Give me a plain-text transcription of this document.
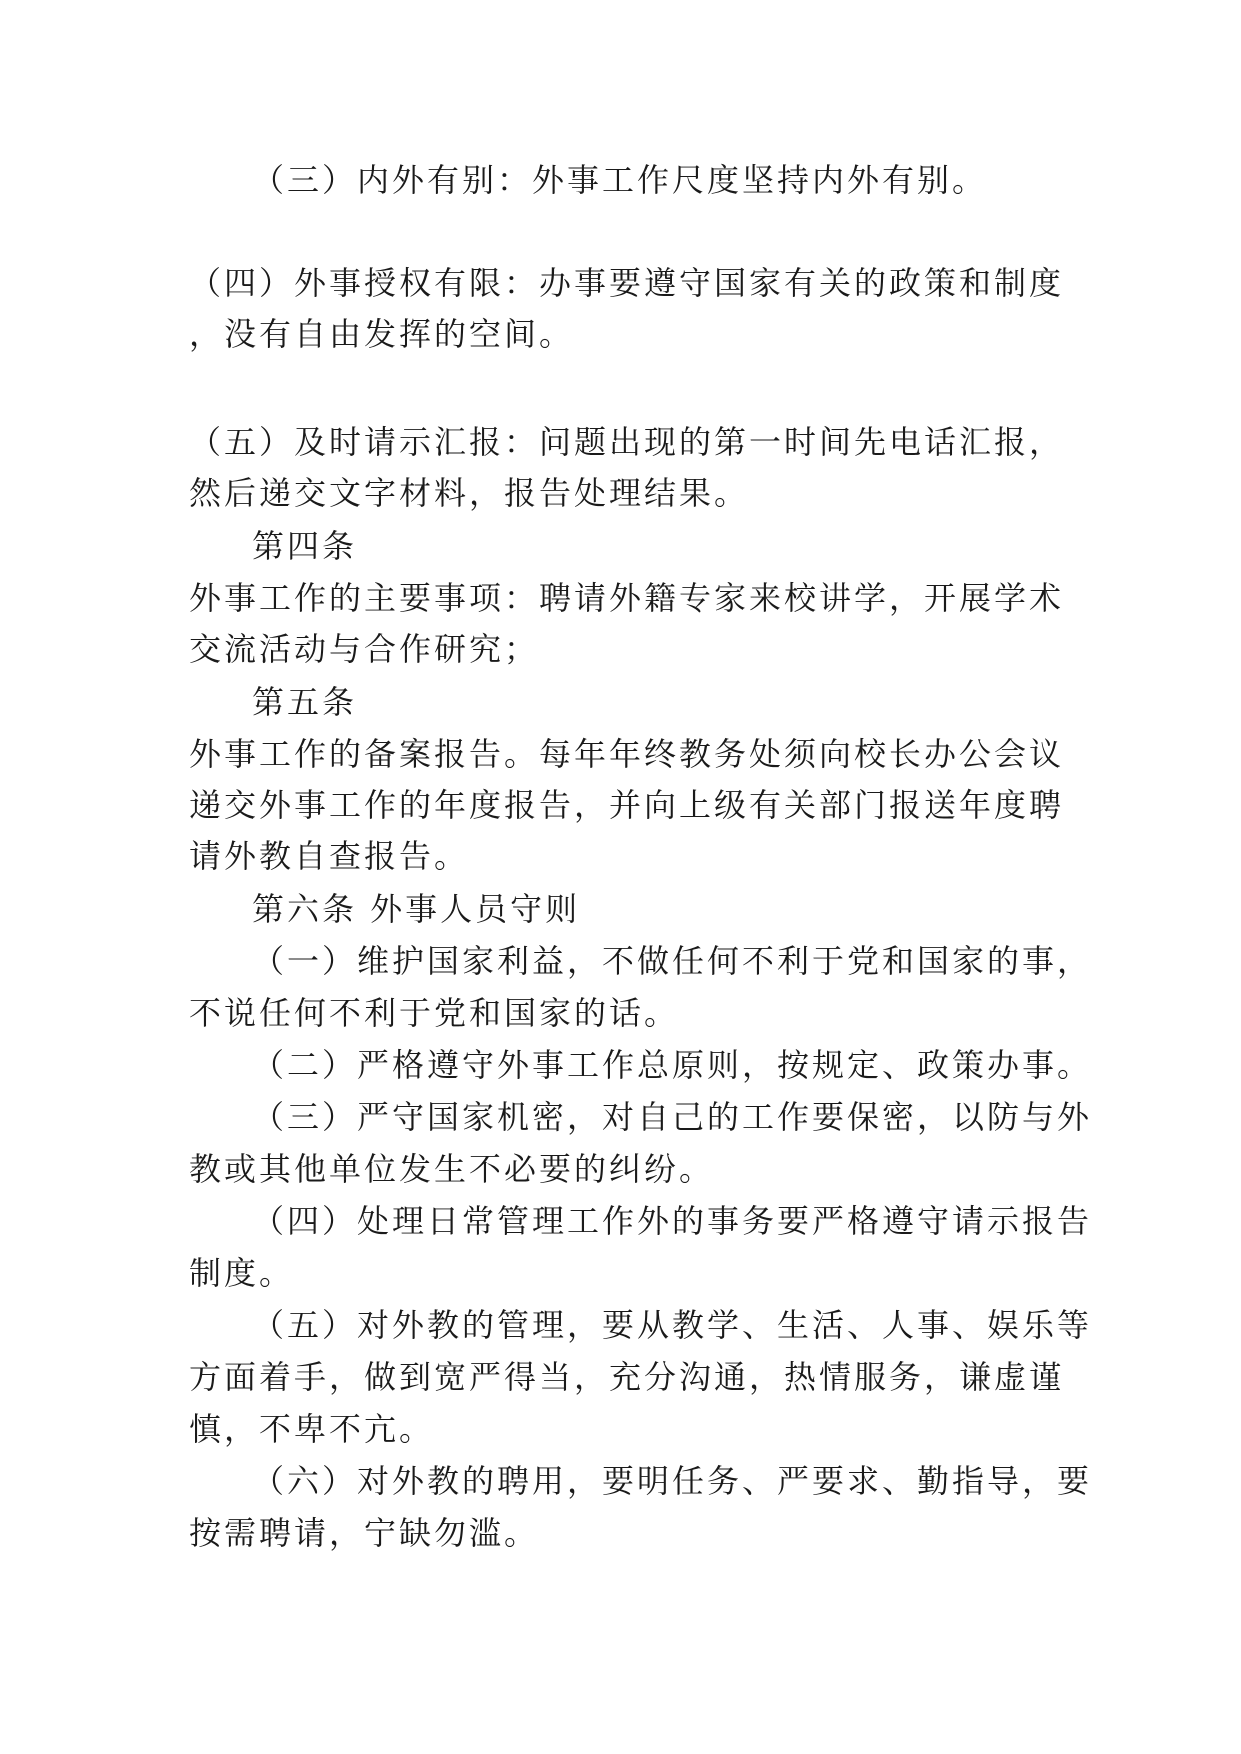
（三）内外有别：外事工作尺度坚持内外有别。
（四）外事授权有限：办事要遵守国家有关的政策和制度
，没有自由发挥的空间。
（五）及时请示汇报：问题出现的第一时间先电话汇报，
然后递交文字材料，报告处理结果。
第四条
外事工作的主要事项：聘请外籍专家来校讲学，开展学术
交流活动与合作研究；
第五条
外事工作的备案报告。每年年终教务处须向校长办公会议
递交外事工作的年度报告，并向上级有关部门报送年度聘
请外教自查报告。
第六条 外事人员守则
（一）维护国家利益，不做任何不利于党和国家的事，
不说任何不利于党和国家的话。
（二）严格遵守外事工作总原则，按规定、政策办事。
（三）严守国家机密，对自己的工作要保密，以防与外
教或其他单位发生不必要的纠纷。
（四）处理日常管理工作外的事务要严格遵守请示报告
制度。
（五）对外教的管理，要从教学、生活、人事、娱乐等
方面着手，做到宽严得当，充分沟通，热情服务，谦虚谨
慎，不卑不亢。
（六）对外教的聘用，要明任务、严要求、勤指导，要
按需聘请，宁缺勿滥。
